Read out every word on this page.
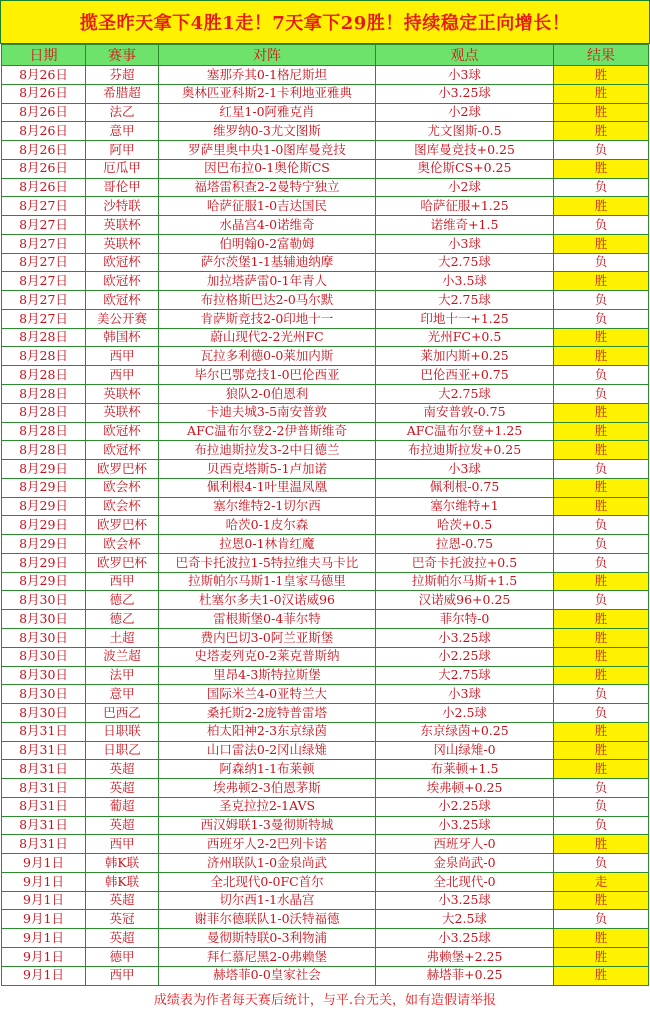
揽圣昨天拿下4胜1走！7天拿下29胜！持续稳定正向增长！
日期	赛事	对阵	观点	结果
8月26日	芬超	塞那乔其0-1格尼斯坦	小3球	胜
8月26日	希腊超	奥林匹亚科斯2-1卡利地亚雅典	小3.25球	胜
8月26日	法乙	红星1-0阿雅克肖	小2球	胜
8月26日	意甲	维罗纳0-3尤文图斯	尤文图斯-0.5	胜
8月26日	阿甲	罗萨里奥中央1-0图库曼竞技	图库曼竞技+0.25	负
8月26日	厄瓜甲	因巴布拉0-1奥伦斯CS	奥伦斯CS+0.25	胜
8月26日	哥伦甲	福塔雷积查2-2曼特宁独立	小2球	负
8月27日	沙特联	哈萨征服1-0吉达国民	哈萨征服+1.25	胜
8月27日	英联杯	水晶宫4-0诺维奇	诺维奇+1.5	负
8月27日	英联杯	伯明翰0-2富勒姆	小3球	胜
8月27日	欧冠杯	萨尔茨堡1-1基辅迪纳摩	大2.75球	负
8月27日	欧冠杯	加拉塔萨雷0-1年青人	小3.5球	胜
8月27日	欧冠杯	布拉格斯巴达2-0马尔默	大2.75球	负
8月27日	美公开赛	肯萨斯竞技2-0印地十一	印地十一+1.25	负
8月28日	韩国杯	蔚山现代2-2光州FC	光州FC+0.5	胜
8月28日	西甲	瓦拉多利德0-0莱加内斯	莱加内斯+0.25	胜
8月28日	西甲	毕尔巴鄂竞技1-0巴伦西亚	巴伦西亚+0.75	负
8月28日	英联杯	狼队2-0伯恩利	大2.75球	负
8月28日	英联杯	卡迪夫城3-5南安普敦	南安普敦-0.75	胜
8月28日	欧冠杯	AFC温布尔登2-2伊普斯维奇	AFC温布尔登+1.25	胜
8月28日	欧冠杯	布拉迪斯拉发3-2中日德兰	布拉迪斯拉发+0.25	胜
8月29日	欧罗巴杯	贝西克塔斯5-1卢加诺	小3球	负
8月29日	欧会杯	佩利根4-1叶里温凤凰	佩利根-0.75	胜
8月29日	欧会杯	塞尔维特2-1切尔西	塞尔维特+1	胜
8月29日	欧罗巴杯	哈茨0-1皮尔森	哈茨+0.5	负
8月29日	欧会杯	拉恩0-1林肯红魔	拉恩-0.75	负
8月29日	欧罗巴杯	巴奇卡托波拉1-5特拉维夫马卡比	巴奇卡托波拉+0.5	负
8月29日	西甲	拉斯帕尔马斯1-1皇家马德里	拉斯帕尔马斯+1.5	胜
8月30日	德乙	杜塞尔多夫1-0汉诺威96	汉诺威96+0.25	负
8月30日	德乙	雷根斯堡0-4菲尔特	菲尔特-0	胜
8月30日	土超	费内巴切3-0阿兰亚斯堡	小3.25球	胜
8月30日	波兰超	史塔麦列克0-2莱克普斯纳	小2.25球	胜
8月30日	法甲	里昂4-3斯特拉斯堡	大2.75球	胜
8月30日	意甲	国际米兰4-0亚特兰大	小3球	负
8月30日	巴西乙	桑托斯2-2庞特普雷塔	小2.5球	负
8月31日	日职联	柏太阳神2-3东京绿茵	东京绿茵+0.25	胜
8月31日	日职乙	山口雷法0-2冈山绿雉	冈山绿雉-0	胜
8月31日	英超	阿森纳1-1布莱顿	布莱顿+1.5	胜
8月31日	英超	埃弗顿2-3伯恩茅斯	埃弗顿+0.25	负
8月31日	葡超	圣克拉拉2-1AVS	小2.25球	负
8月31日	英超	西汉姆联1-3曼彻斯特城	小3.25球	负
8月31日	西甲	西班牙人2-2巴列卡诺	西班牙人-0	胜
9月1日	韩K联	济州联队1-0金泉尚武	金泉尚武-0	负
9月1日	韩K联	全北现代0-0FC首尔	全北现代-0	走
9月1日	英超	切尔西1-1水晶宫	小3.25球	胜
9月1日	英冠	谢菲尔德联队1-0沃特福德	大2.5球	负
9月1日	英超	曼彻斯特联0-3利物浦	小3.25球	胜
9月1日	德甲	拜仁慕尼黑2-0弗赖堡	弗赖堡+2.25	胜
9月1日	西甲	赫塔菲0-0皇家社会	赫塔菲+0.25	胜
成绩表为作者每天赛后统计，与平.台无关，如有造假请举报
